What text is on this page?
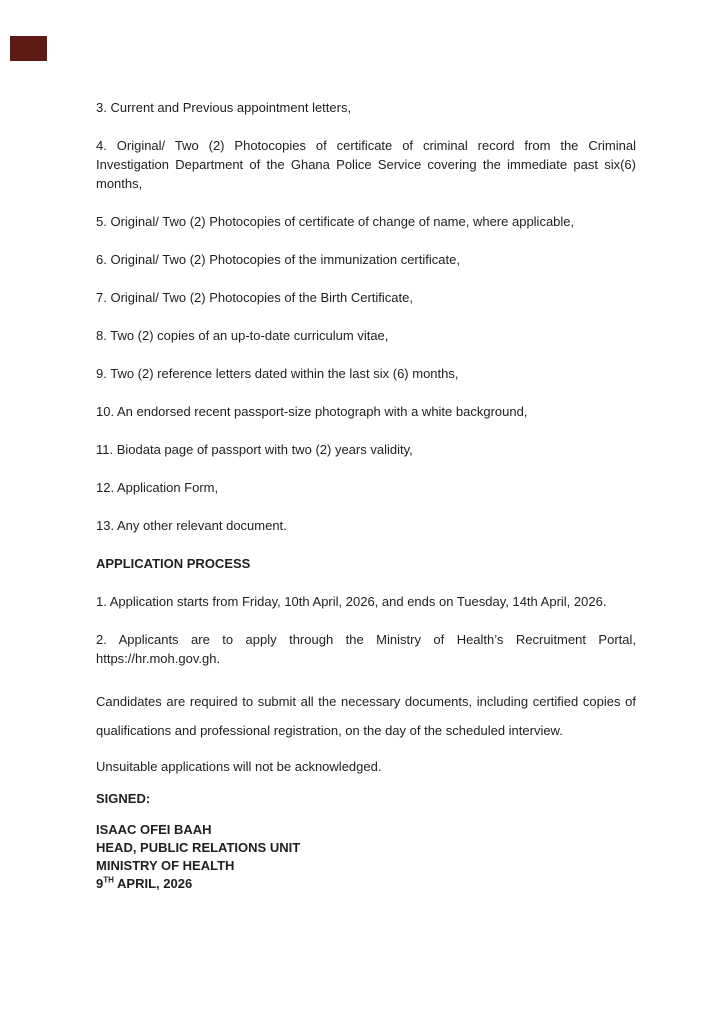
3. Current and Previous appointment letters,

4. Original/ Two (2) Photocopies of certificate of criminal record from the Criminal Investigation Department of the Ghana Police Service covering the immediate past six(6) months,

5. Original/ Two (2) Photocopies of certificate of change of name, where applicable,

6. Original/ Two (2) Photocopies of the immunization certificate,

7. Original/ Two (2) Photocopies of the Birth Certificate,

8. Two (2) copies of an up-to-date curriculum vitae,

9. Two (2) reference letters dated within the last six (6) months,

10. An endorsed recent passport-size photograph with a white background,

11. Biodata page of passport with two (2) years validity,

12. Application Form,

13. Any other relevant document.

APPLICATION PROCESS

1. Application starts from Friday, 10th April, 2026, and ends on Tuesday, 14th April, 2026.

2. Applicants are to apply through the Ministry of Health’s Recruitment Portal, https://hr.moh.gov.gh.

Candidates are required to submit all the necessary documents, including certified copies of qualifications and professional registration, on the day of the scheduled interview.

Unsuitable applications will not be acknowledged.

SIGNED:

ISAAC OFEI BAAH

HEAD, PUBLIC RELATIONS UNIT

MINISTRY OF HEALTH

9TH APRIL, 2026
